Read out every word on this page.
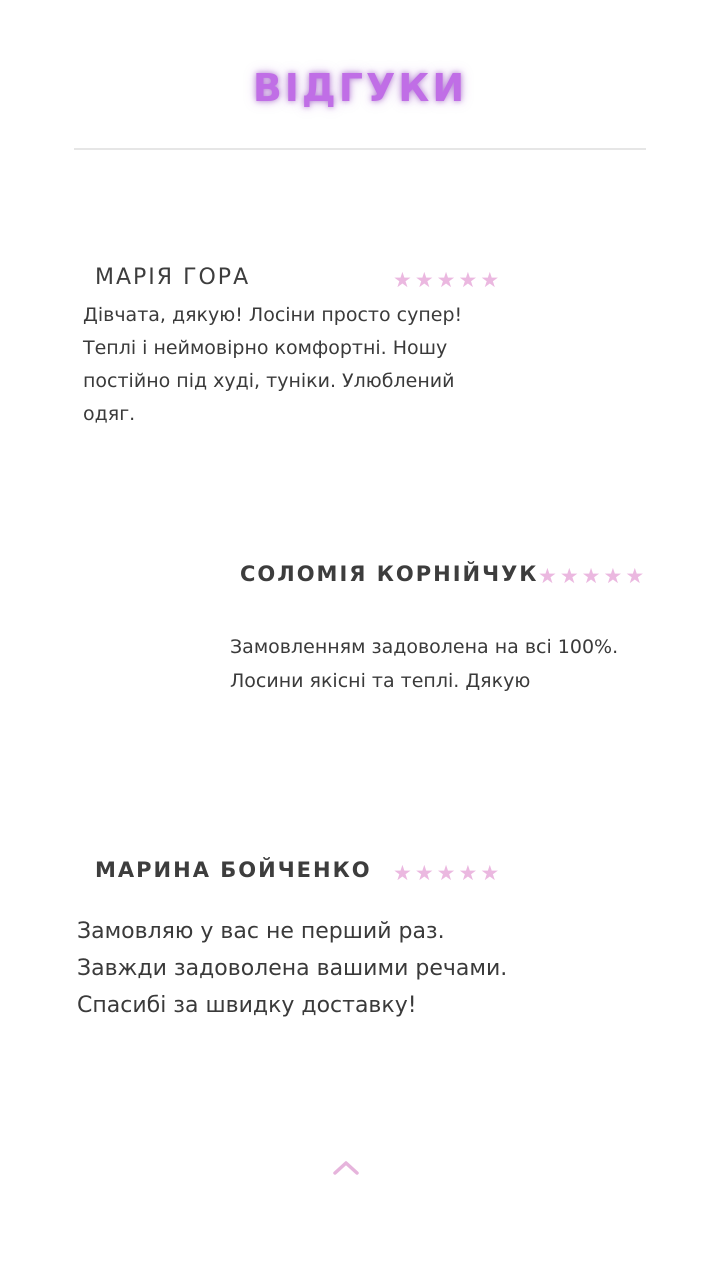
ВІДГУКИ
МАРІЯ ГОРА	★ ★ ★ ★ ★

Дівчата, дякую! Лосіни просто супер!

Теплі і неймовірно комфортні. Ношу

постійно під худі, туніки. Улюблений

одяг.

СОЛОМІЯ КОРНІЙЧУК ★ ★ ★ ★ ★

Замовленням задоволена на всі 100%.

Лосини якісні та теплі. Дякую

МАРИНА БОЙЧЕНКО ★ ★ ★ ★ ★

Замовляю у вас не перший раз.

Завжди задоволена вашими речами.

Спасибі за швидку доставку!
